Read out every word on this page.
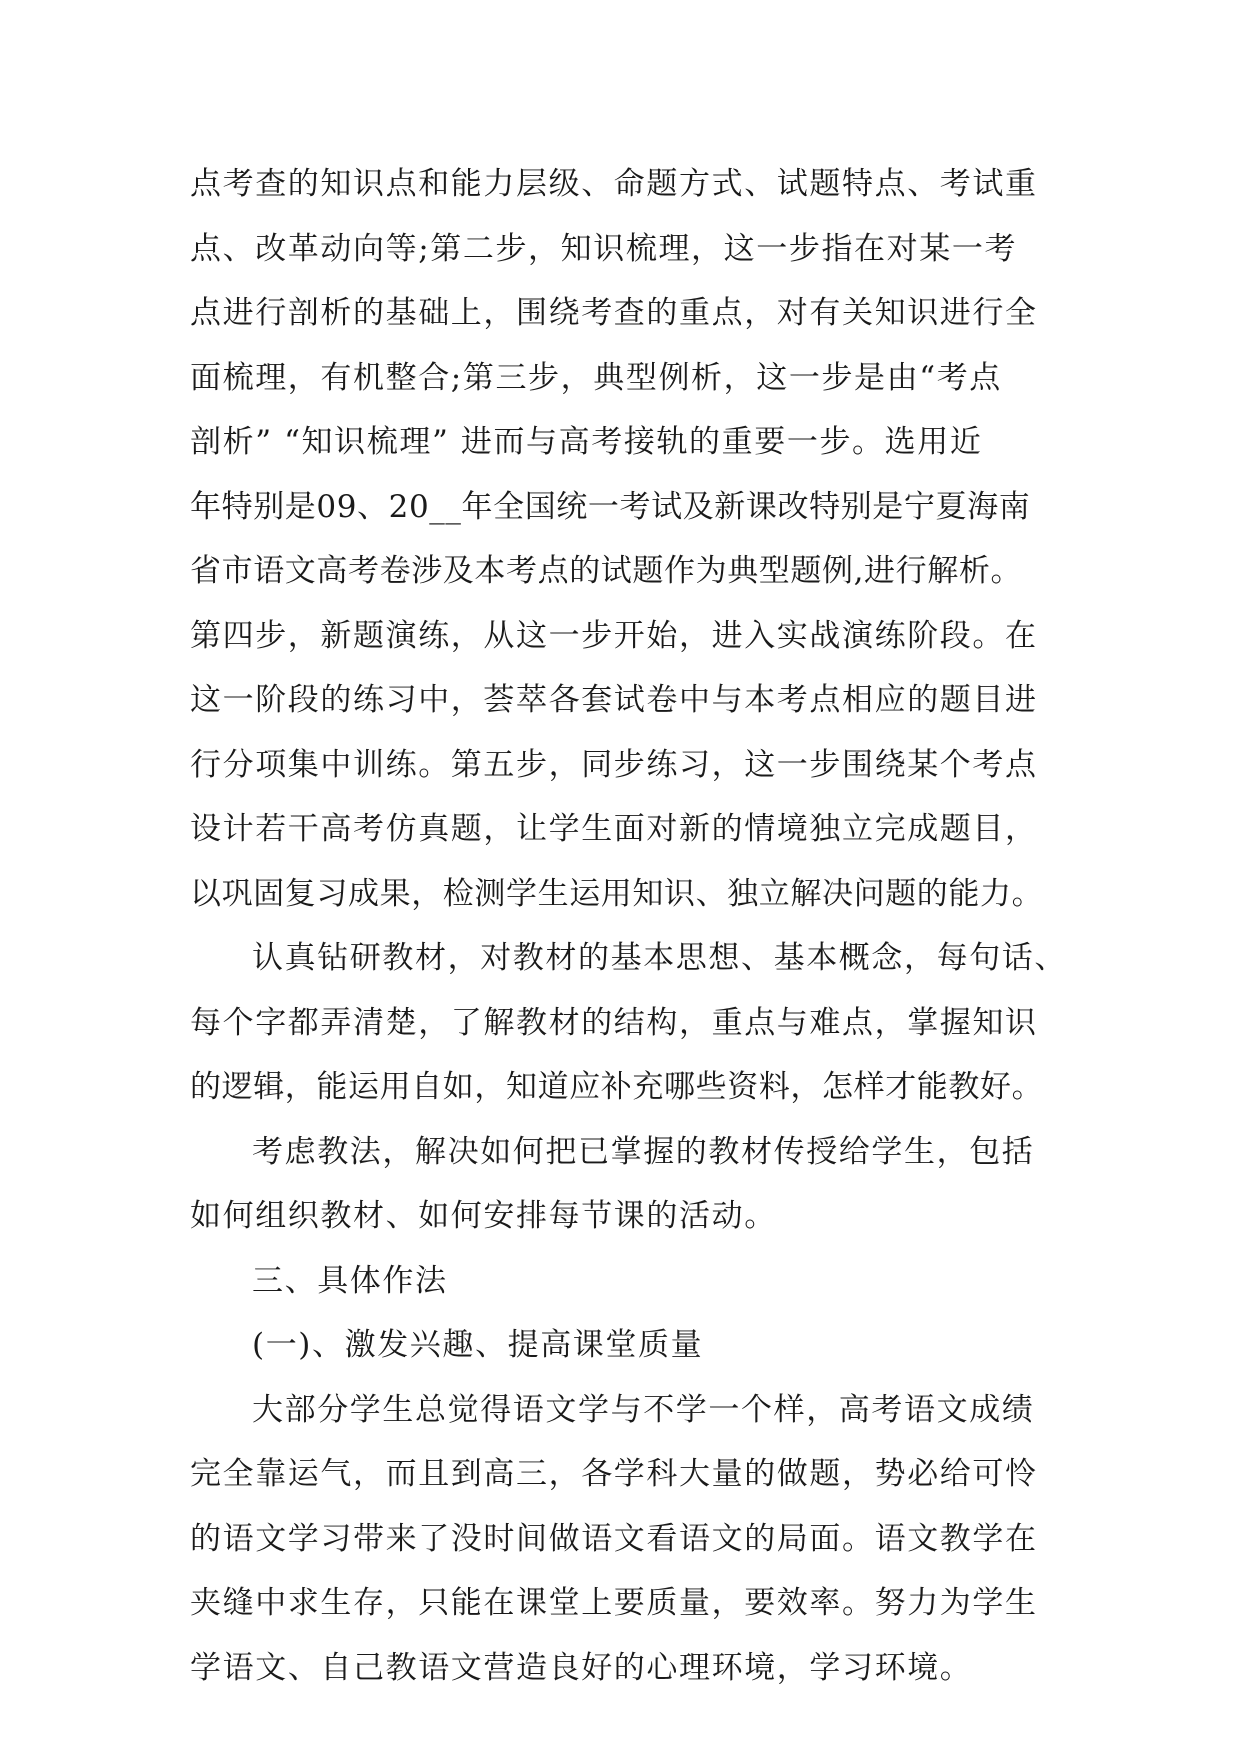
点考查的知识点和能力层级、命题方式、试题特点、考试重
点、改革动向等;第二步，知识梳理，这一步指在对某一考
点进行剖析的基础上，围绕考查的重点，对有关知识进行全
面梳理，有机整合;第三步，典型例析，这一步是由“考点
剖析” “知识梳理” 进而与高考接轨的重要一步。选用近
年特别是09、20__年全国统一考试及新课改特别是宁夏海南
省市语文高考卷涉及本考点的试题作为典型题例,进行解析。
第四步，新题演练，从这一步开始，进入实战演练阶段。在
这一阶段的练习中，荟萃各套试卷中与本考点相应的题目进
行分项集中训练。第五步，同步练习，这一步围绕某个考点
设计若干高考仿真题，让学生面对新的情境独立完成题目，
以巩固复习成果，检测学生运用知识、独立解决问题的能力。
认真钻研教材，对教材的基本思想、基本概念，每句话、
每个字都弄清楚，了解教材的结构，重点与难点，掌握知识
的逻辑，能运用自如，知道应补充哪些资料，怎样才能教好。
考虑教法，解决如何把已掌握的教材传授给学生，包括
如何组织教材、如何安排每节课的活动。
三、具体作法
(一)、激发兴趣、提高课堂质量
大部分学生总觉得语文学与不学一个样，高考语文成绩
完全靠运气，而且到高三，各学科大量的做题，势必给可怜
的语文学习带来了没时间做语文看语文的局面。语文教学在
夹缝中求生存，只能在课堂上要质量，要效率。努力为学生
学语文、自己教语文营造良好的心理环境，学习环境。
